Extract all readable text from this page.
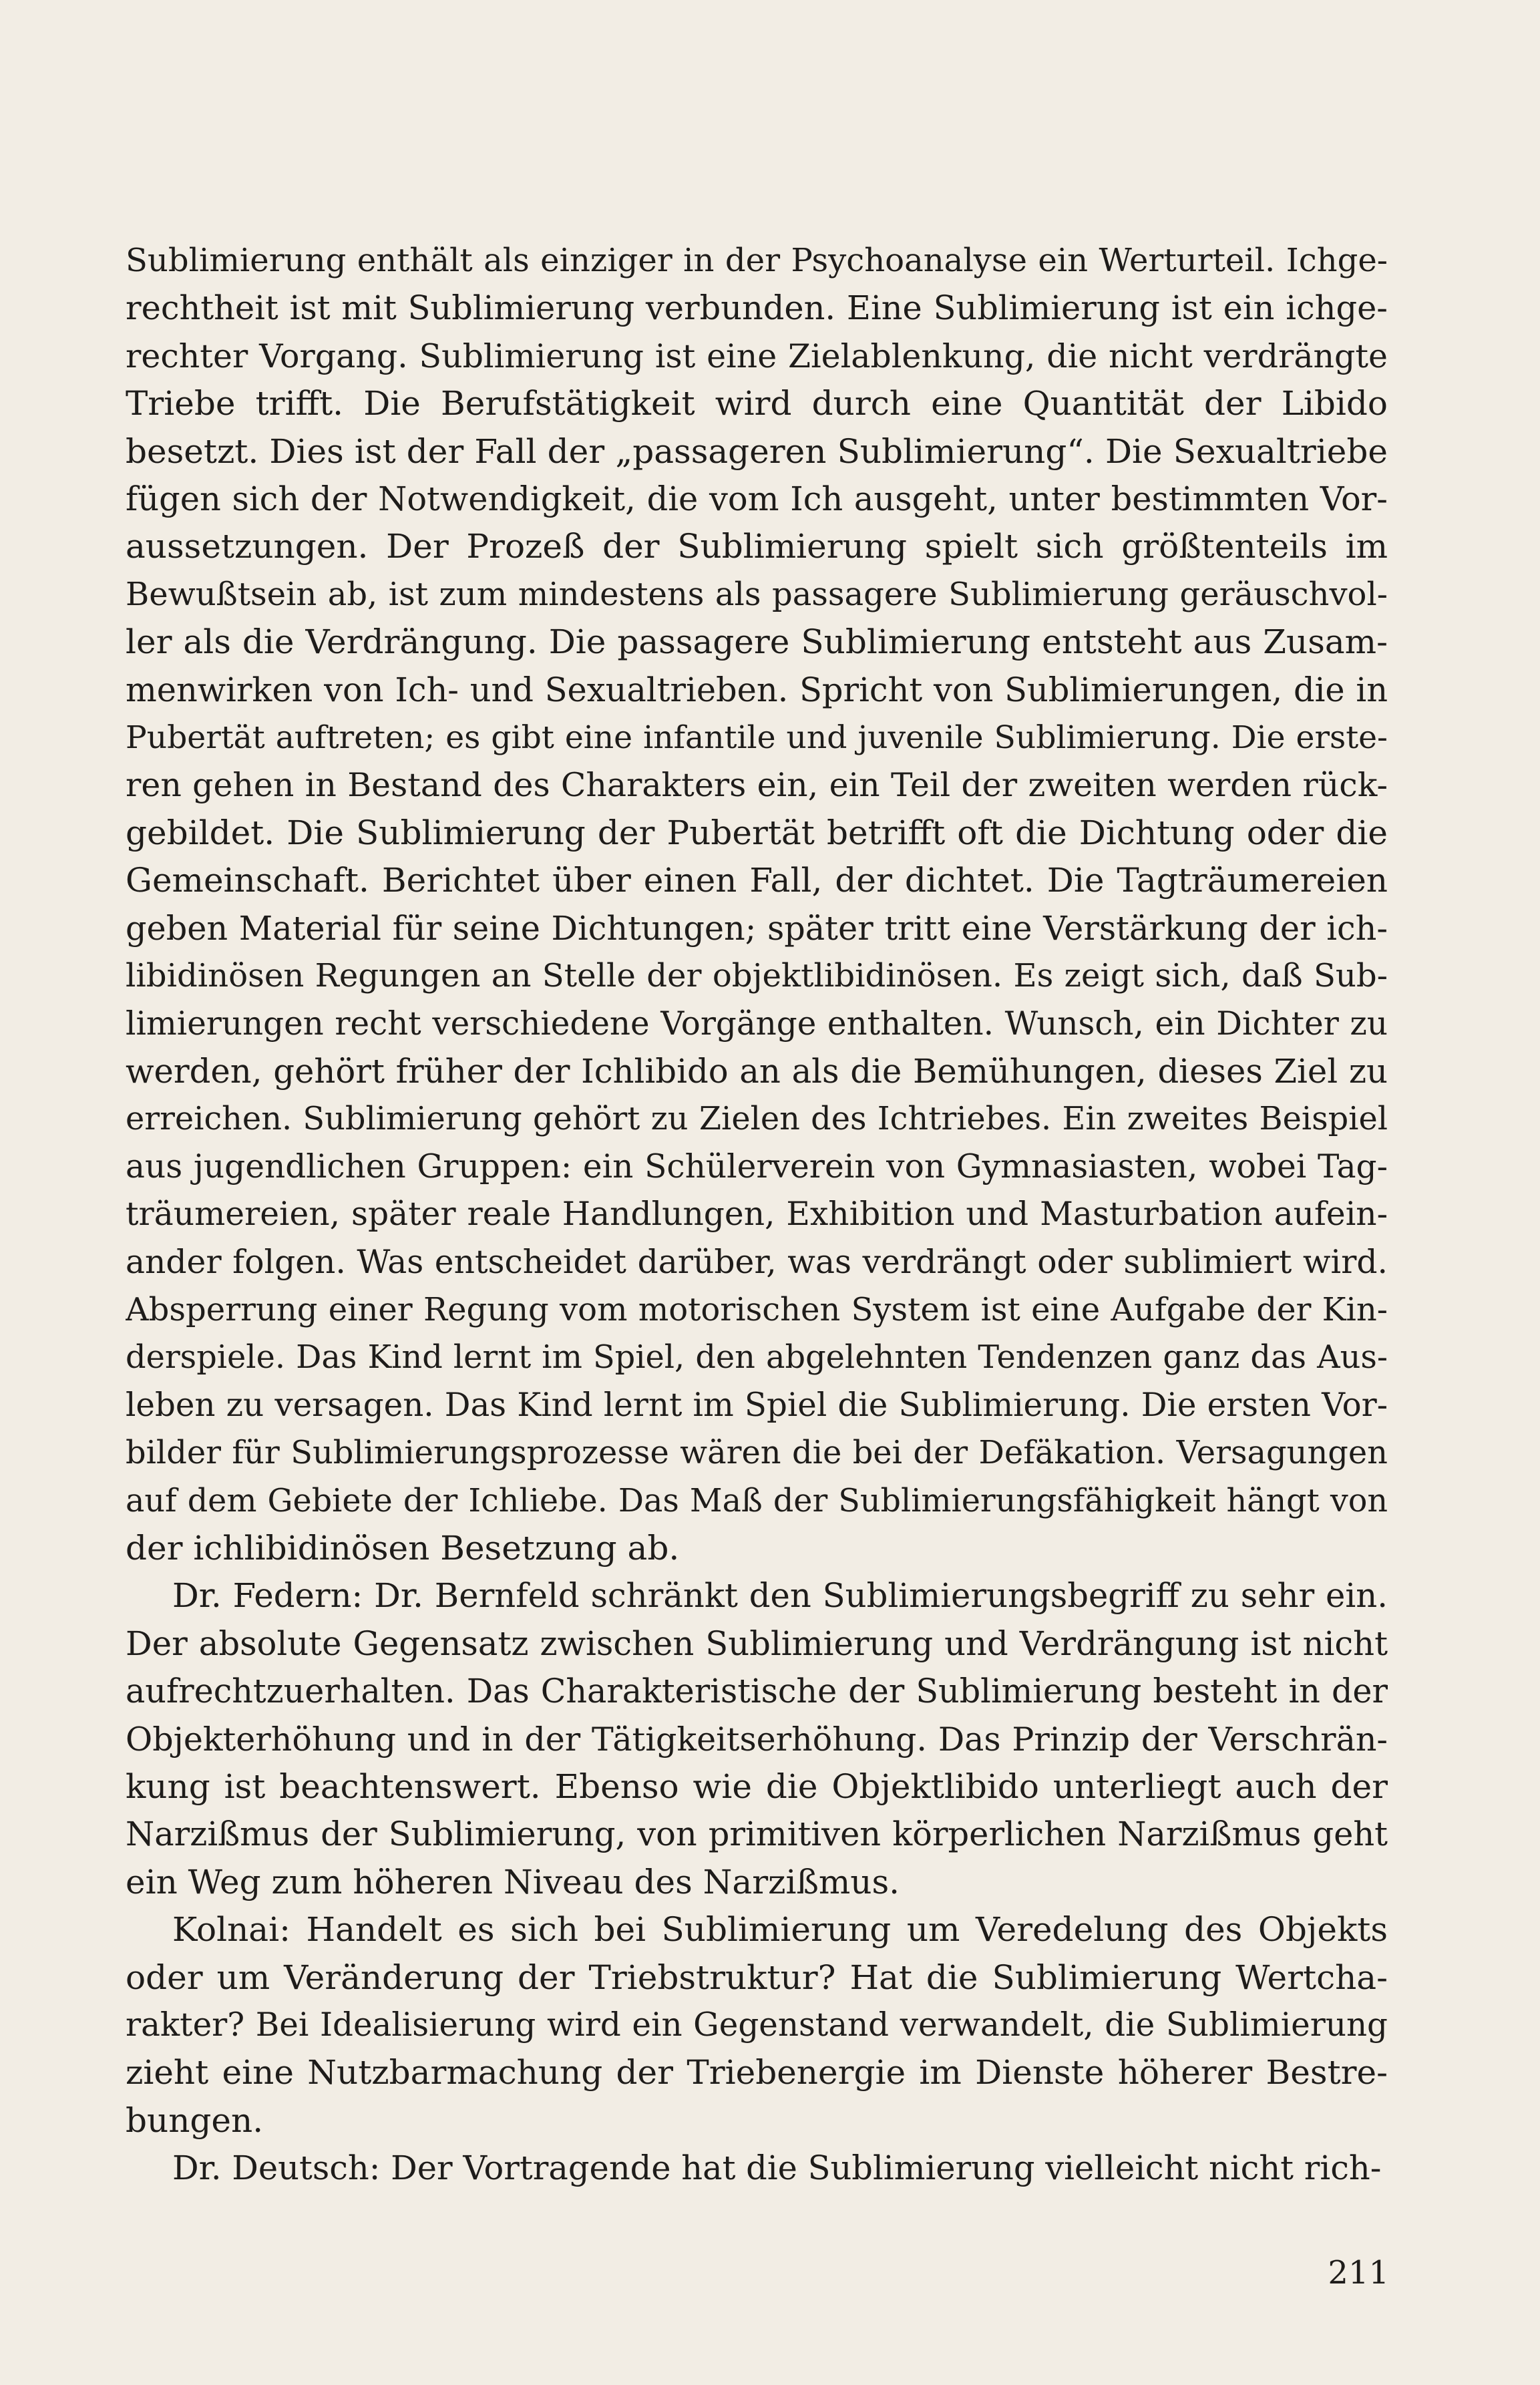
Sublimierung enthält als einziger in der Psychoanalyse ein Werturteil. Ichge-
rechtheit ist mit Sublimierung verbunden. Eine Sublimierung ist ein ichge-
rechter Vorgang. Sublimierung ist eine Zielablenkung, die nicht verdrängte
Triebe trifft. Die Berufstätigkeit wird durch eine Quantität der Libido
besetzt. Dies ist der Fall der „passageren Sublimierung“. Die Sexualtriebe
fügen sich der Notwendigkeit, die vom Ich ausgeht, unter bestimmten Vor-
aussetzungen. Der Prozeß der Sublimierung spielt sich größtenteils im
Bewußtsein ab, ist zum mindestens als passagere Sublimierung geräuschvol-
ler als die Verdrängung. Die passagere Sublimierung entsteht aus Zusam-
menwirken von Ich- und Sexualtrieben. Spricht von Sublimierungen, die in
Pubertät auftreten; es gibt eine infantile und juvenile Sublimierung. Die erste-
ren gehen in Bestand des Charakters ein, ein Teil der zweiten werden rück-
gebildet. Die Sublimierung der Pubertät betrifft oft die Dichtung oder die
Gemeinschaft. Berichtet über einen Fall, der dichtet. Die Tagträumereien
geben Material für seine Dichtungen; später tritt eine Verstärkung der ich-
libidinösen Regungen an Stelle der objektlibidinösen. Es zeigt sich, daß Sub-
limierungen recht verschiedene Vorgänge enthalten. Wunsch, ein Dichter zu
werden, gehört früher der Ichlibido an als die Bemühungen, dieses Ziel zu
erreichen. Sublimierung gehört zu Zielen des Ichtriebes. Ein zweites Beispiel
aus jugendlichen Gruppen: ein Schülerverein von Gymnasiasten, wobei Tag-
träumereien, später reale Handlungen, Exhibition und Masturbation aufein-
ander folgen. Was entscheidet darüber, was verdrängt oder sublimiert wird.
Absperrung einer Regung vom motorischen System ist eine Aufgabe der Kin-
derspiele. Das Kind lernt im Spiel, den abgelehnten Tendenzen ganz das Aus-
leben zu versagen. Das Kind lernt im Spiel die Sublimierung. Die ersten Vor-
bilder für Sublimierungsprozesse wären die bei der Defäkation. Versagungen
auf dem Gebiete der Ichliebe. Das Maß der Sublimierungsfähigkeit hängt von
der ichlibidinösen Besetzung ab.
Dr. Federn: Dr. Bernfeld schränkt den Sublimierungsbegriff zu sehr ein.
Der absolute Gegensatz zwischen Sublimierung und Verdrängung ist nicht
aufrechtzuerhalten. Das Charakteristische der Sublimierung besteht in der
Objekterhöhung und in der Tätigkeitserhöhung. Das Prinzip der Verschrän-
kung ist beachtenswert. Ebenso wie die Objektlibido unterliegt auch der
Narzißmus der Sublimierung, von primitiven körperlichen Narzißmus geht
ein Weg zum höheren Niveau des Narzißmus.
Kolnai: Handelt es sich bei Sublimierung um Veredelung des Objekts
oder um Veränderung der Triebstruktur? Hat die Sublimierung Wertcha-
rakter? Bei Idealisierung wird ein Gegenstand verwandelt, die Sublimierung
zieht eine Nutzbarmachung der Triebenergie im Dienste höherer Bestre-
bungen.
Dr. Deutsch: Der Vortragende hat die Sublimierung vielleicht nicht rich-
211
